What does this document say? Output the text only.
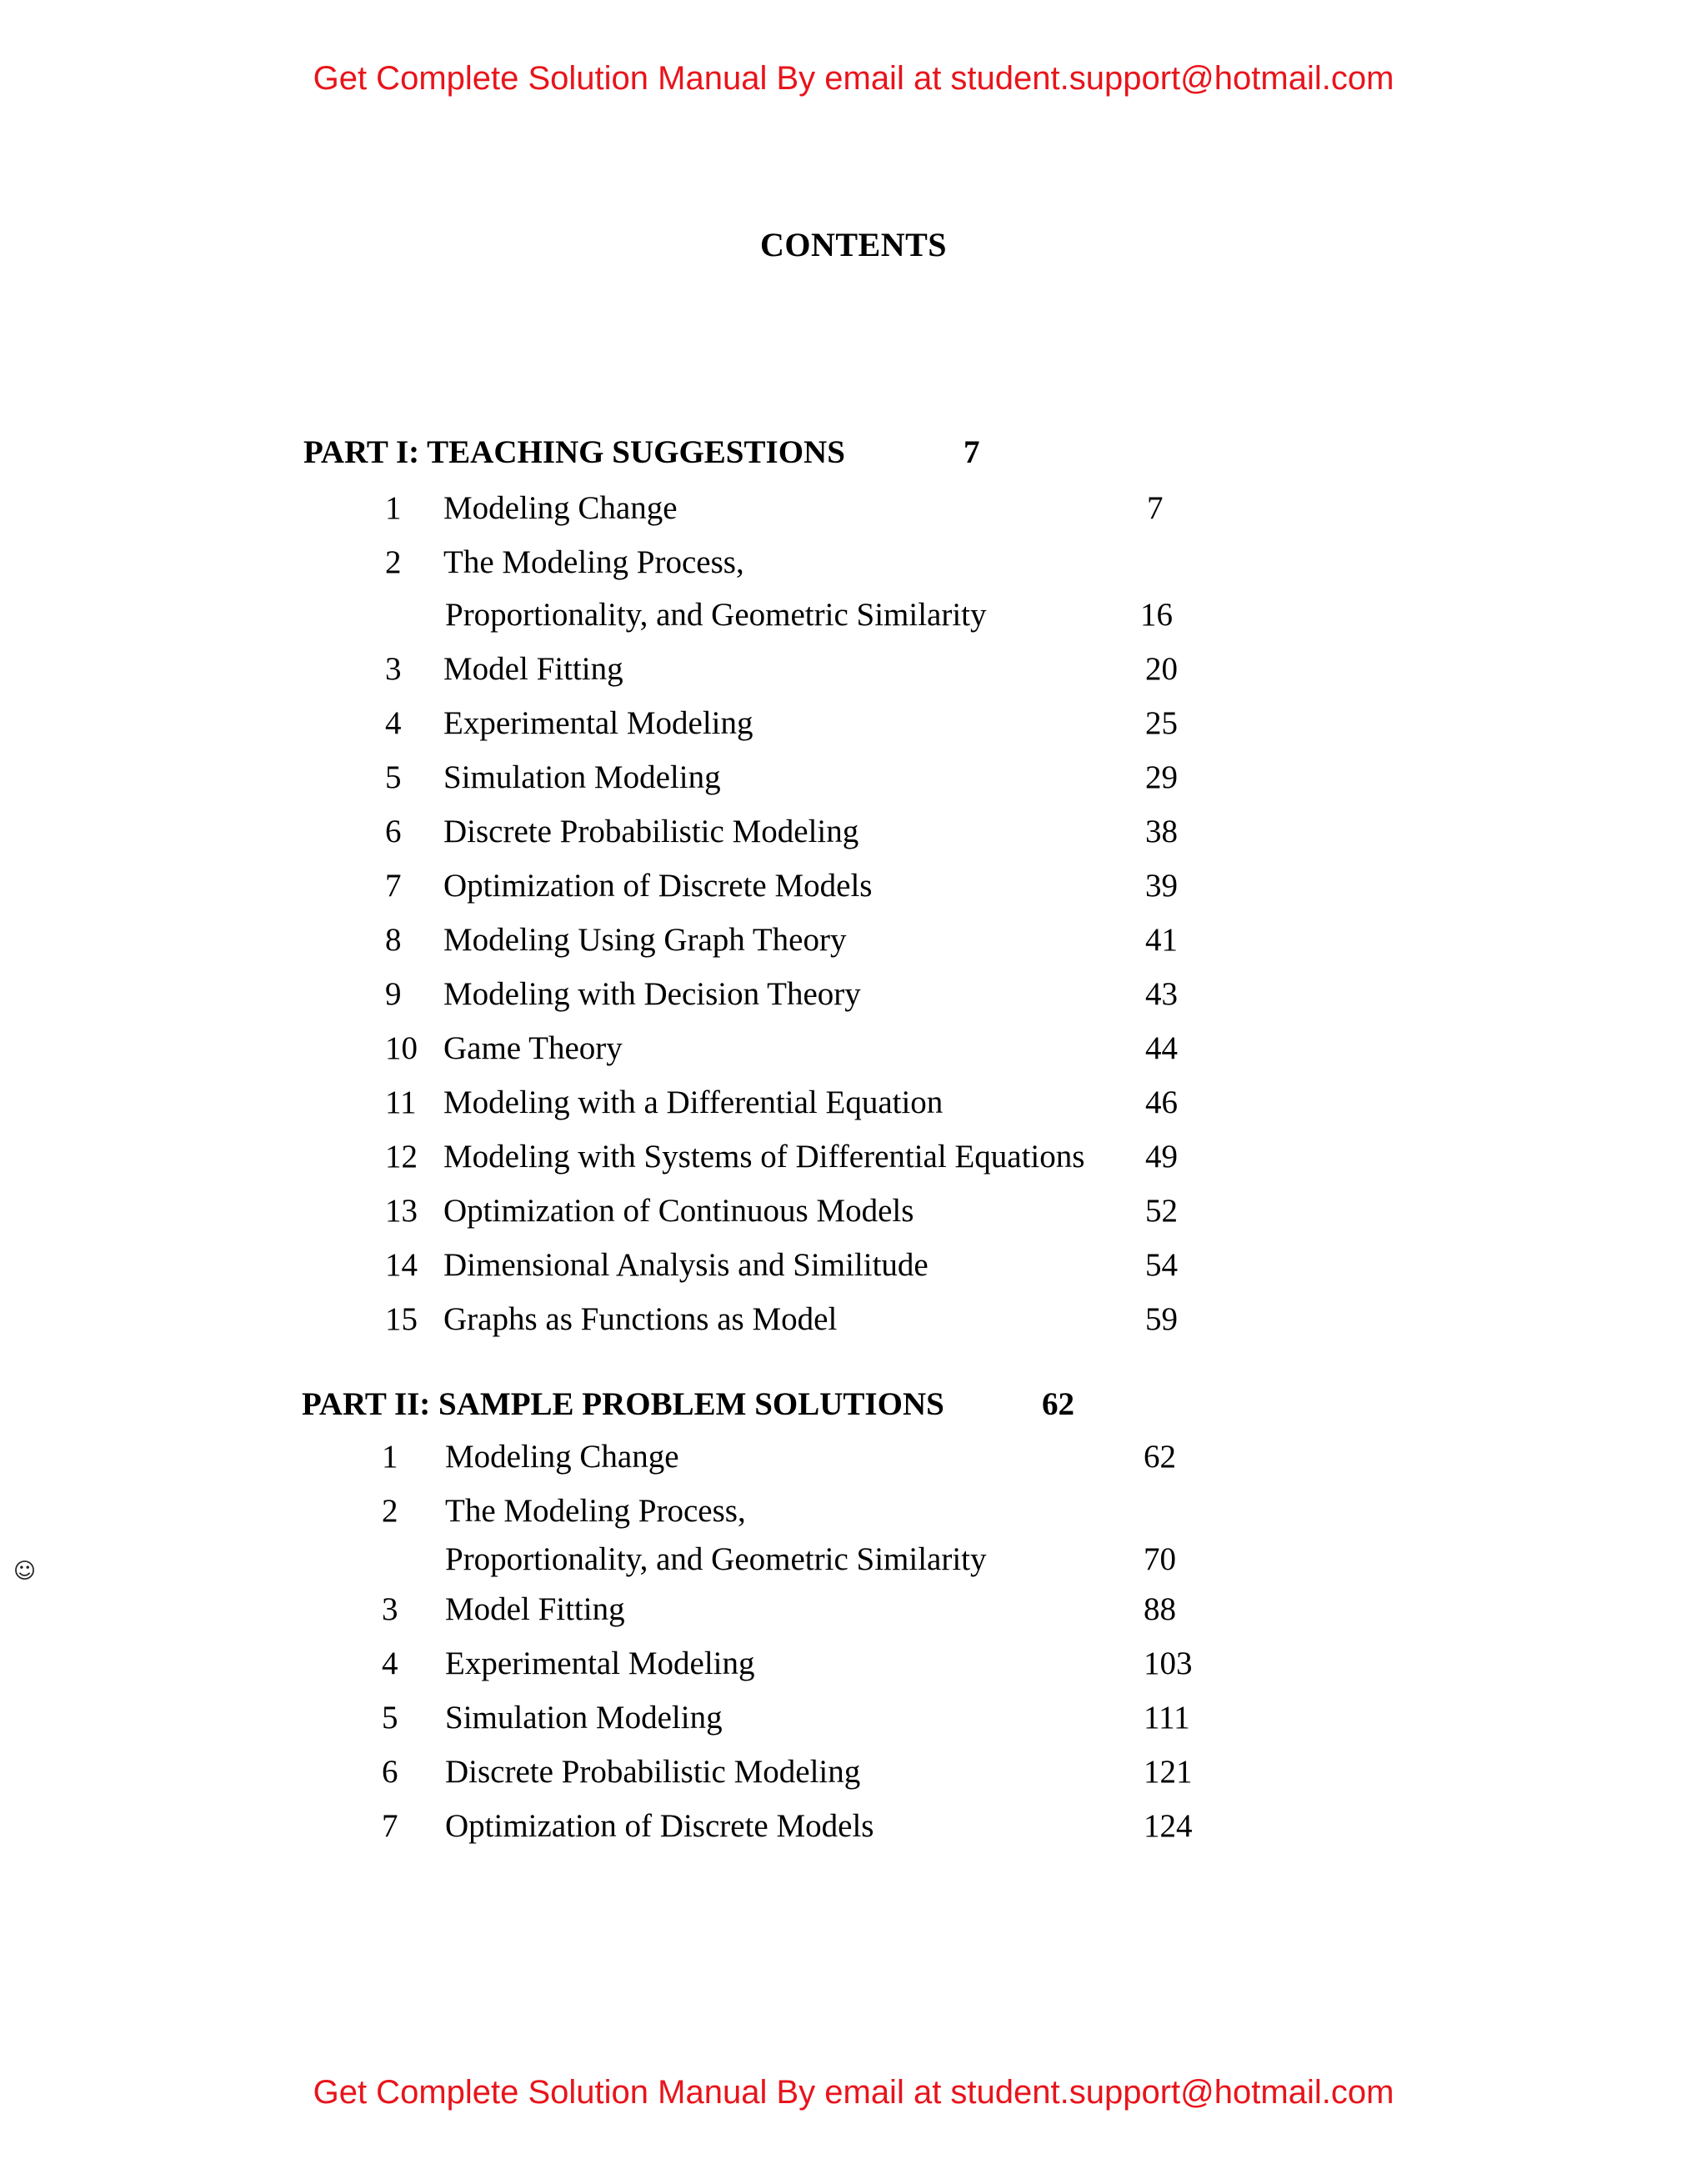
Get Complete Solution Manual By email at student.support@hotmail.com
CONTENTS
PART I: TEACHING SUGGESTIONS	7
1 Modeling Change	7
2 The Modeling Process,
Proportionality, and Geometric Similarity	16
3 Model Fitting	20
4 Experimental Modeling	25
5 Simulation Modeling	29
6 Discrete Probabilistic Modeling	38
7 Optimization of Discrete Models	39
8 Modeling Using Graph Theory	41
9 Modeling with Decision Theory	43
10 Game Theory	44
11 Modeling with a Differential Equation	46
12 Modeling with Systems of Differential Equations 49
13 Optimization of Continuous Models	52
14 Dimensional Analysis and Similitude	54
15 Graphs as Functions as Model	59
PART II: SAMPLE PROBLEM SOLUTIONS	62
1 Modeling Change	62
2 The Modeling Process,
Proportionality, and Geometric Similarity	70
3 Model Fitting	88
4 Experimental Modeling	103
5 Simulation Modeling	111
6 Discrete Probabilistic Modeling	121
7 Optimization of Discrete Models	124
☺
Get Complete Solution Manual By email at student.support@hotmail.com
